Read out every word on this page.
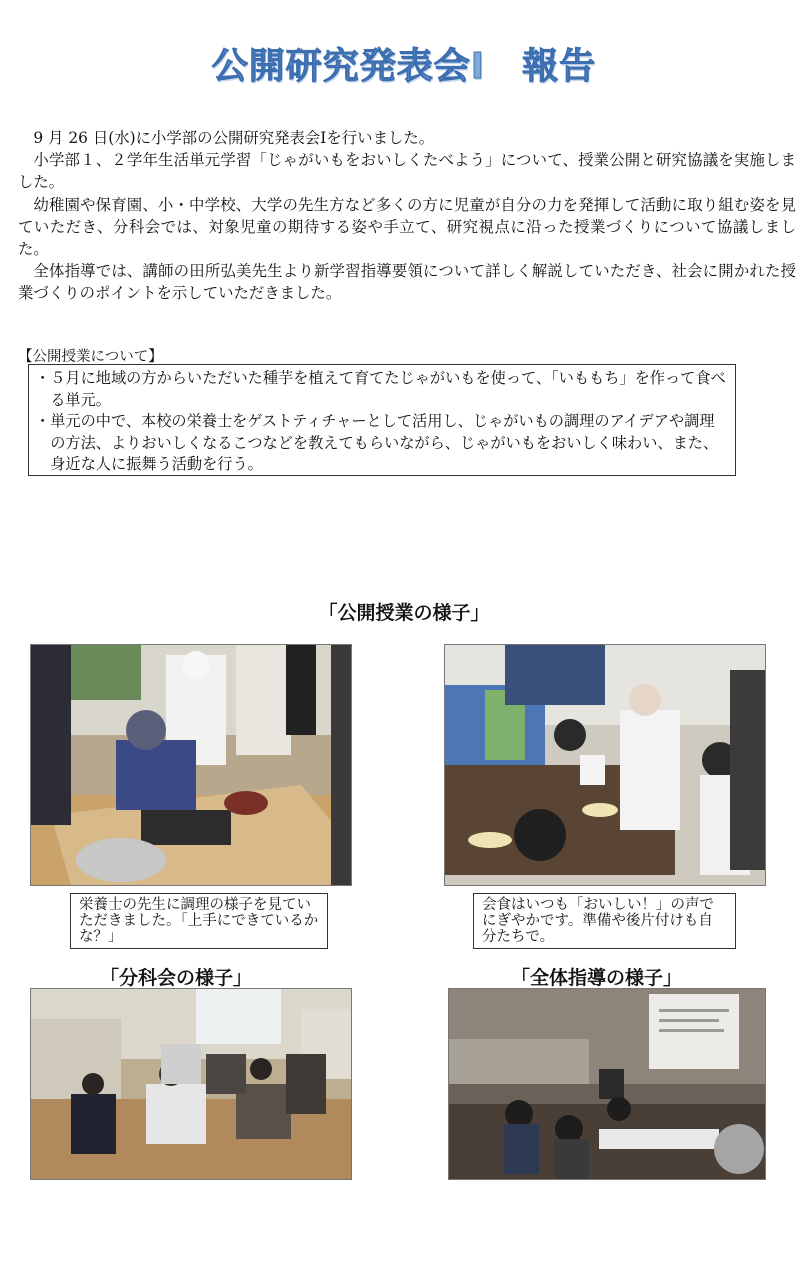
公開研究発表会Ⅰ　報告

9 月 26 日(水)に小学部の公開研究発表会Ⅰを行いました。

小学部１、２学年生活単元学習「じゃがいもをおいしくたべよう」について、授業公開と研究協議を実施しました。

幼稚園や保育園、小・中学校、大学の先生方など多くの方に児童が自分の力を発揮して活動に取り組む姿を見ていただき、分科会では、対象児童の期待する姿や手立て、研究視点に沿った授業づくりについて協議しました。

全体指導では、講師の田所弘美先生より新学習指導要領について詳しく解説していただき、社会に開かれた授業づくりのポイントを示していただきました。

【公開授業について】

・５月に地域の方からいただいた種芋を植えて育てたじゃがいもを使って、「いももち」を作って食べる単元。

・単元の中で、本校の栄養士をゲストティチャーとして活用し、じゃがいもの調理のアイデアや調理の方法、よりおいしくなるこつなどを教えてもらいながら、じゃがいもをおいしく味わい、また、身近な人に振舞う活動を行う。

「公開授業の様子」
栄養士の先生に調理の様子を見ていただきました。「上手にできているかな？」
会食はいつも「おいしい！」の声でにぎやかです。準備や後片付けも自分たちで。
「分科会の様子」	「全体指導の様子」
